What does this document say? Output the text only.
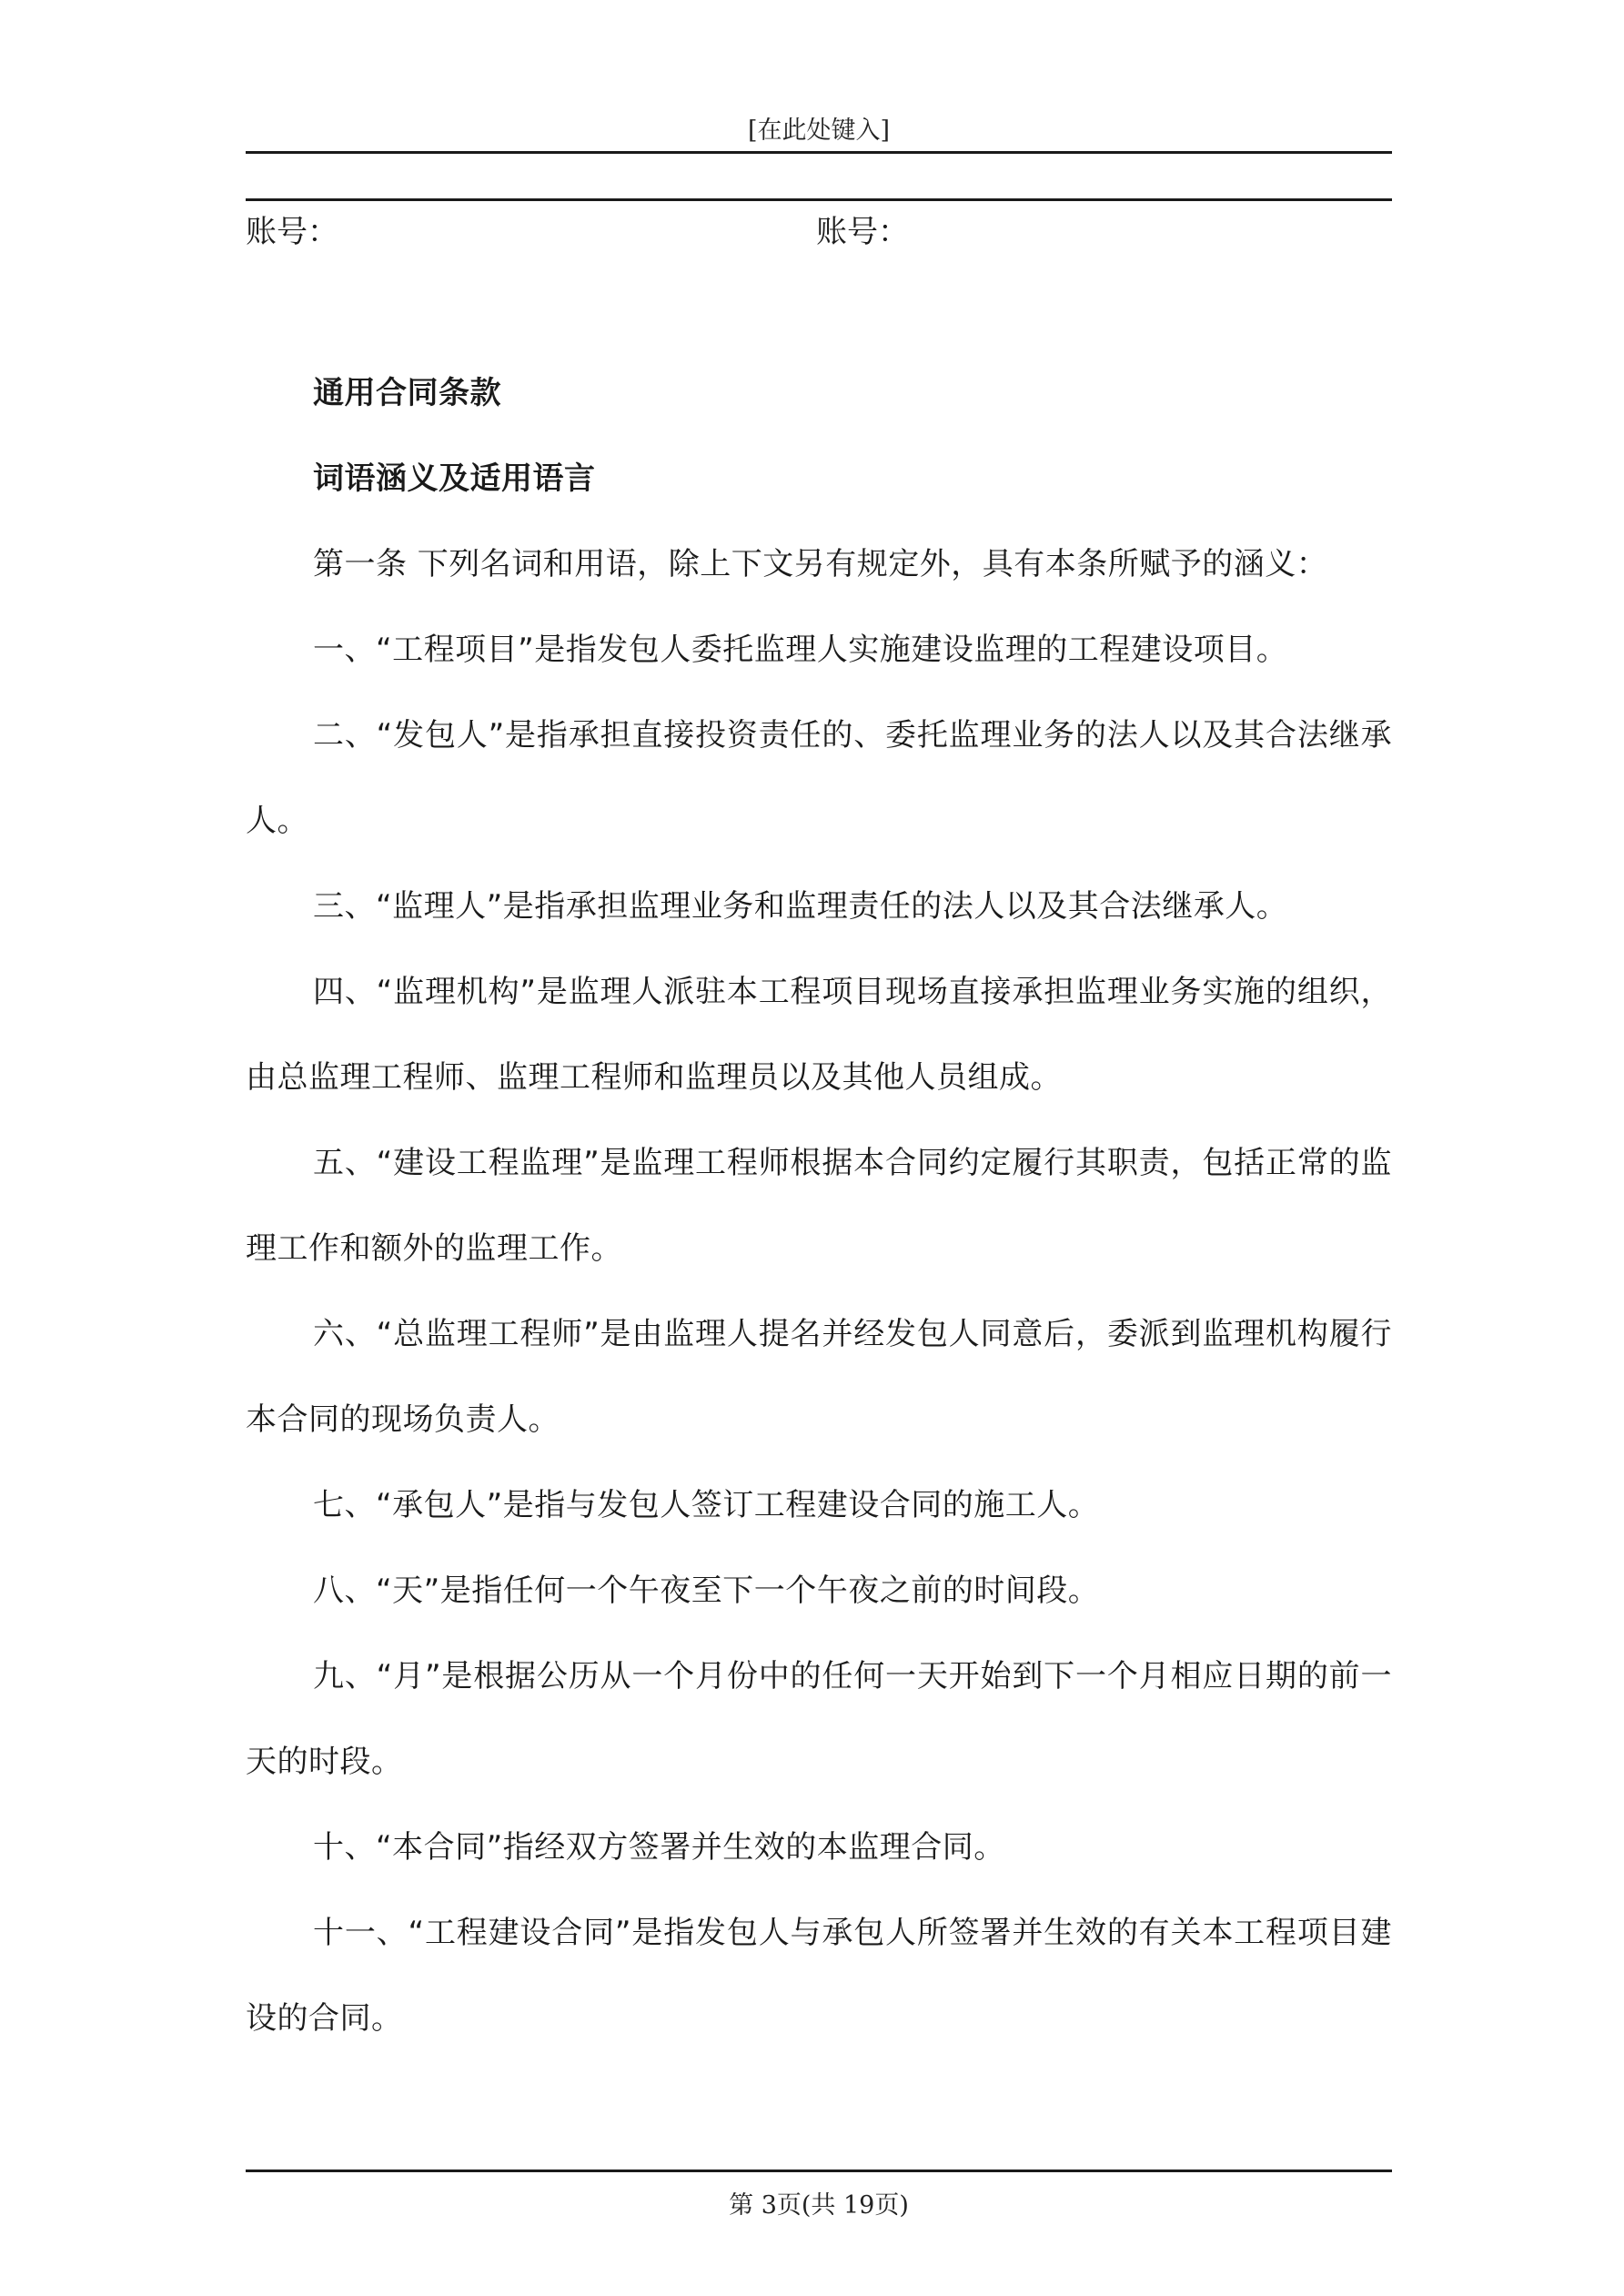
[在此处键入]
账号：	账号：
通用合同条款
词语涵义及适用语言
第一条 下列名词和用语，除上下文另有规定外，具有本条所赋予的涵义：
一、“工程项目”是指发包人委托监理人实施建设监理的工程建设项目。
二、“发包人”是指承担直接投资责任的、委托监理业务的法人以及其合法继承人。
三、“监理人”是指承担监理业务和监理责任的法人以及其合法继承人。
四、“监理机构”是监理人派驻本工程项目现场直接承担监理业务实施的组织，由总监理工程师、监理工程师和监理员以及其他人员组成。
五、“建设工程监理”是监理工程师根据本合同约定履行其职责，包括正常的监理工作和额外的监理工作。
六、“总监理工程师”是由监理人提名并经发包人同意后，委派到监理机构履行本合同的现场负责人。
七、“承包人”是指与发包人签订工程建设合同的施工人。
八、“天”是指任何一个午夜至下一个午夜之前的时间段。
九、“月”是根据公历从一个月份中的任何一天开始到下一个月相应日期的前一天的时段。
十、“本合同”指经双方签署并生效的本监理合同。
十一、“工程建设合同”是指发包人与承包人所签署并生效的有关本工程项目建设的合同。
第 3页(共 19页)
